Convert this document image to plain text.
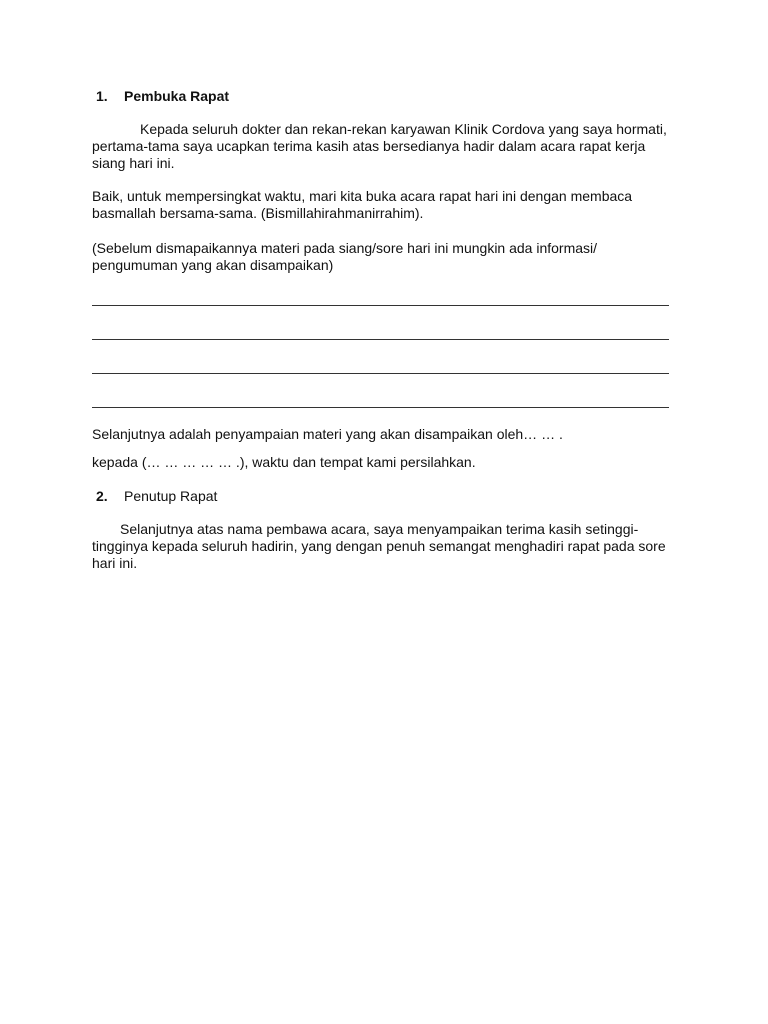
1. Pembuka Rapat

Kepada seluruh dokter dan rekan-rekan karyawan Klinik Cordova yang saya hormati, pertama-tama saya ucapkan terima kasih atas bersedianya hadir dalam acara rapat kerja siang hari ini.

Baik, untuk mempersingkat waktu, mari kita buka acara rapat hari ini dengan membaca basmallah bersama-sama. (Bismillahirahmanirrahim).

(Sebelum dismapaikannya materi pada siang/sore hari ini mungkin ada informasi/ pengumuman yang akan disampaikan)

Selanjutnya adalah penyampaian materi yang akan disampaikan oleh… … .

kepada (… … … … … .), waktu dan tempat kami persilahkan.

2. Penutup Rapat

Selanjutnya atas nama pembawa acara, saya menyampaikan terima kasih setinggi-tingginya kepada seluruh hadirin, yang dengan penuh semangat menghadiri rapat pada sore hari ini.
